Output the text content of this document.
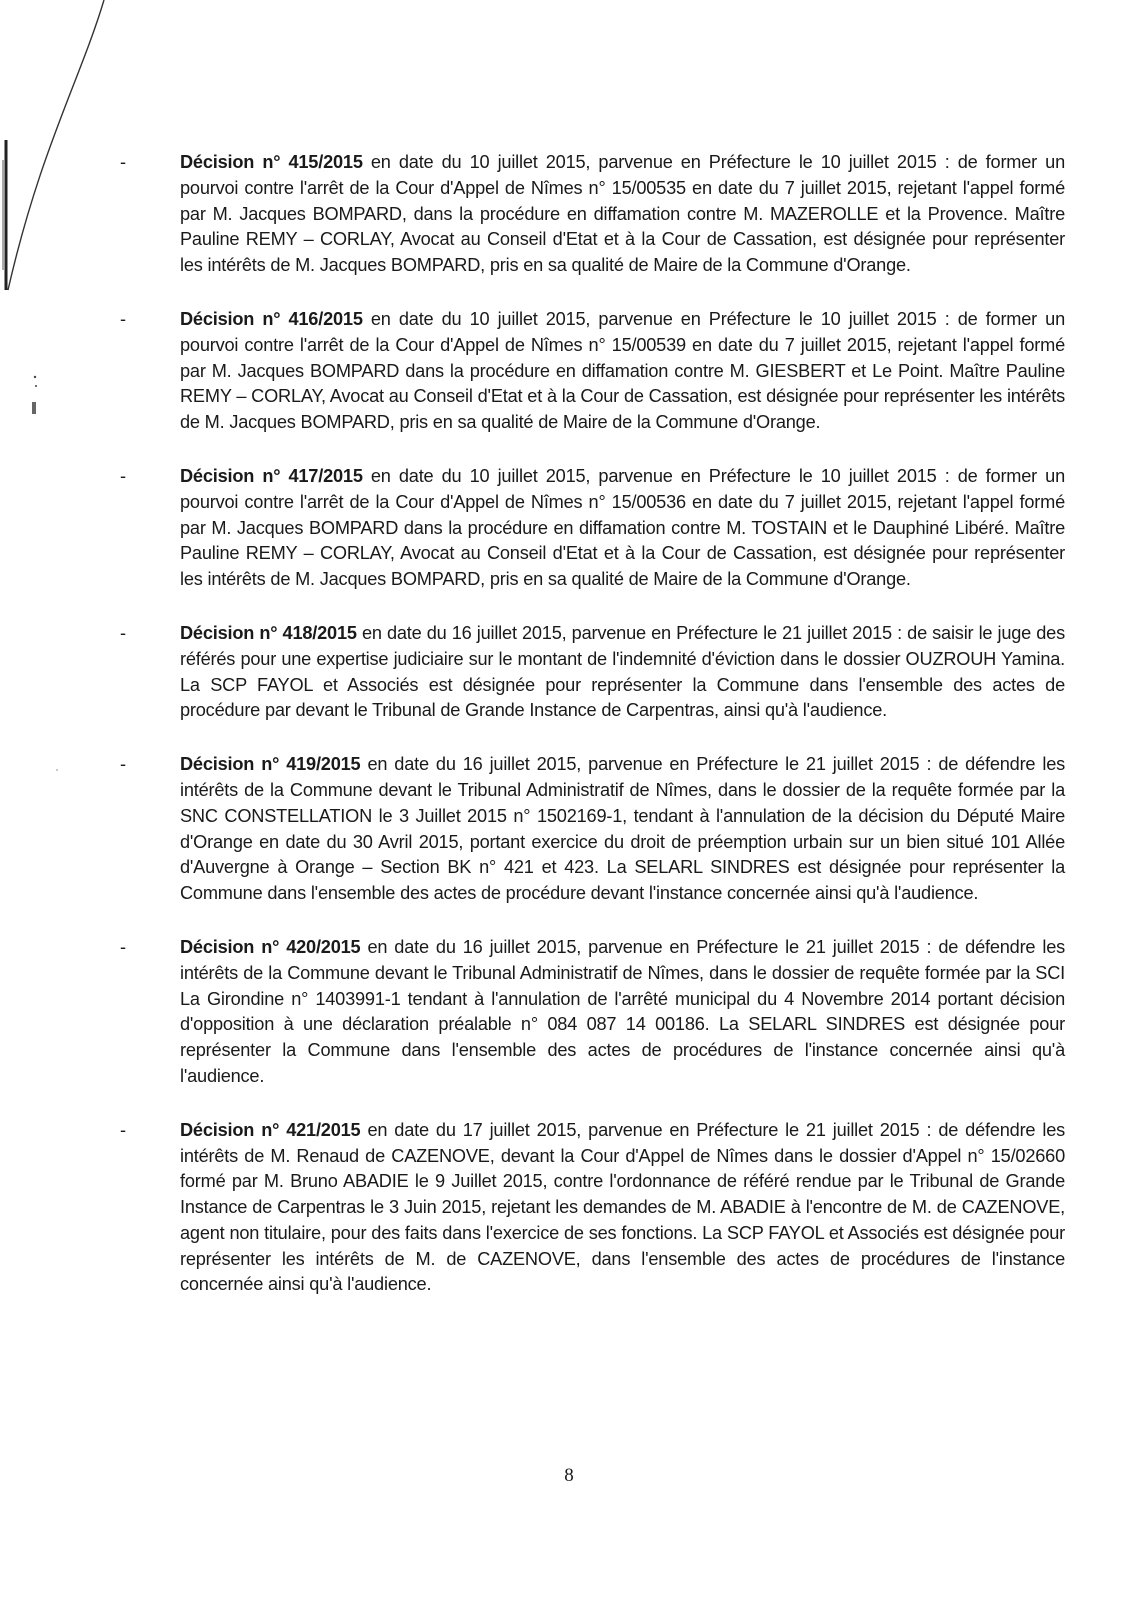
-	Décision n° 415/2015 en date du 10 juillet 2015, parvenue en Préfecture le 10 juillet 2015 : de former un pourvoi contre l'arrêt de la Cour d'Appel de Nîmes n° 15/00535 en date du 7 juillet 2015, rejetant l'appel formé par M. Jacques BOMPARD, dans la procédure en diffamation contre M. MAZEROLLE et la Provence. Maître Pauline REMY – CORLAY, Avocat au Conseil d'Etat et à la Cour de Cassation, est désignée pour représenter les intérêts de M. Jacques BOMPARD, pris en sa qualité de Maire de la Commune d'Orange.
-	Décision n° 416/2015 en date du 10 juillet 2015, parvenue en Préfecture le 10 juillet 2015 : de former un pourvoi contre l'arrêt de la Cour d'Appel de Nîmes n° 15/00539 en date du 7 juillet 2015, rejetant l'appel formé par M. Jacques BOMPARD dans la procédure en diffamation contre M. GIESBERT et Le Point. Maître Pauline REMY – CORLAY, Avocat au Conseil d'Etat et à la Cour de Cassation, est désignée pour représenter les intérêts de M. Jacques BOMPARD, pris en sa qualité de Maire de la Commune d'Orange.
-	Décision n° 417/2015 en date du 10 juillet 2015, parvenue en Préfecture le 10 juillet 2015 : de former un pourvoi contre l'arrêt de la Cour d'Appel de Nîmes n° 15/00536 en date du 7 juillet 2015, rejetant l'appel formé par M. Jacques BOMPARD dans la procédure en diffamation contre M. TOSTAIN et le Dauphiné Libéré. Maître Pauline REMY – CORLAY, Avocat au Conseil d'Etat et à la Cour de Cassation, est désignée pour représenter les intérêts de M. Jacques BOMPARD, pris en sa qualité de Maire de la Commune d'Orange.
-	Décision n° 418/2015 en date du 16 juillet 2015, parvenue en Préfecture le 21 juillet 2015 : de saisir le juge des référés pour une expertise judiciaire sur le montant de l'indemnité d'éviction dans le dossier OUZROUH Yamina. La SCP FAYOL et Associés est désignée pour représenter la Commune dans l'ensemble des actes de procédure par devant le Tribunal de Grande Instance de Carpentras, ainsi qu'à l'audience.
-	Décision n° 419/2015 en date du 16 juillet 2015, parvenue en Préfecture le 21 juillet 2015 : de défendre les intérêts de la Commune devant le Tribunal Administratif de Nîmes, dans le dossier de la requête formée par la SNC CONSTELLATION le 3 Juillet 2015 n° 1502169-1, tendant à l'annulation de la décision du Député Maire d'Orange en date du 30 Avril 2015, portant exercice du droit de préemption urbain sur un bien situé 101 Allée d'Auvergne à Orange – Section BK n° 421 et 423. La SELARL SINDRES est désignée pour représenter la Commune dans l'ensemble des actes de procédure devant l'instance concernée ainsi qu'à l'audience.
-	Décision n° 420/2015 en date du 16 juillet 2015, parvenue en Préfecture le 21 juillet 2015 : de défendre les intérêts de la Commune devant le Tribunal Administratif de Nîmes, dans le dossier de requête formée par la SCI La Girondine n° 1403991-1 tendant à l'annulation de l'arrêté municipal du 4 Novembre 2014 portant décision d'opposition à une déclaration préalable n° 084 087 14 00186. La SELARL SINDRES est désignée pour représenter la Commune dans l'ensemble des actes de procédures de l'instance concernée ainsi qu'à l'audience.
-	Décision n° 421/2015 en date du 17 juillet 2015, parvenue en Préfecture le 21 juillet 2015 : de défendre les intérêts de M. Renaud de CAZENOVE, devant la Cour d'Appel de Nîmes dans le dossier d'Appel n° 15/02660 formé par M. Bruno ABADIE le 9 Juillet 2015, contre l'ordonnance de référé rendue par le Tribunal de Grande Instance de Carpentras le 3 Juin 2015, rejetant les demandes de M. ABADIE à l'encontre de M. de CAZENOVE, agent non titulaire, pour des faits dans l'exercice de ses fonctions. La SCP FAYOL et Associés est désignée pour représenter les intérêts de M. de CAZENOVE, dans l'ensemble des actes de procédures de l'instance concernée ainsi qu'à l'audience.
8
